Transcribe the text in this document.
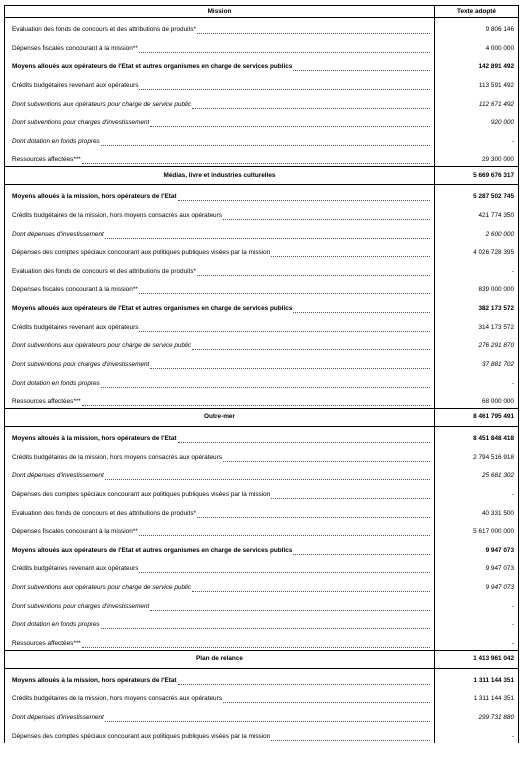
Mission	Texte adopté

Evaluation des fonds de concours et des attributions de produits*	9 806 146

Dépenses fiscales concourant à la mission**	4 000 000

Moyens alloués aux opérateurs de l'Etat et autres organismes en charge de services publics	142 891 492

Crédits budgétaires revenant aux opérateurs	113 591 492

Dont subventions aux opérateurs pour charge de service public	112 671 492

Dont subventions pour charges d'investissement	920 000

Dont dotation en fonds propres	-

Ressources affectées***	29 300 000
Médias, livre et industries culturelles	5 669 676 317

Moyens alloués à la mission, hors opérateurs de l'Etat	5 287 502 745

Crédits budgétaires de la mission, hors moyens consacrés aux opérateurs	421 774 350

Dont dépenses d'investissement	2 600 000

Dépenses des comptes spéciaux concourant aux politiques publiques visées par la mission	4 026 728 395

Evaluation des fonds de concours et des attributions de produits*	-

Dépenses fiscales concourant à la mission**	839 000 000

Moyens alloués aux opérateurs de l'Etat et autres organismes en charge de services publics	382 173 572

Crédits budgétaires revenant aux opérateurs	314 173 572

Dont subventions aux opérateurs pour charge de service public	276 291 870

Dont subventions pour charges d'investissement	37 881 702

Dont dotation en fonds propres	-

Ressources affectées***	68 000 000
Outre-mer	8 461 795 491

Moyens alloués à la mission, hors opérateurs de l'Etat	8 451 848 418

Crédits budgétaires de la mission, hors moyens consacrés aux opérateurs	2 794 516 918

Dont dépenses d'investissement	25 681 302

Dépenses des comptes spéciaux concourant aux politiques publiques visées par la mission	-

Evaluation des fonds de concours et des attributions de produits*	40 331 500

Dépenses fiscales concourant à la mission**	5 617 000 000

Moyens alloués aux opérateurs de l'Etat et autres organismes en charge de services publics	9 947 073

Crédits budgétaires revenant aux opérateurs	9 947 073

Dont subventions aux opérateurs pour charge de service public	9 947 073

Dont subventions pour charges d'investissement	-

Dont dotation en fonds propres	-

Ressources affectées***	-
Plan de relance	1 413 961 042

Moyens alloués à la mission, hors opérateurs de l'Etat	1 311 144 351

Crédits budgétaires de la mission, hors moyens consacrés aux opérateurs	1 311 144 351

Dont dépenses d'investissement	299 731 880

Dépenses des comptes spéciaux concourant aux politiques publiques visées par la mission	-
